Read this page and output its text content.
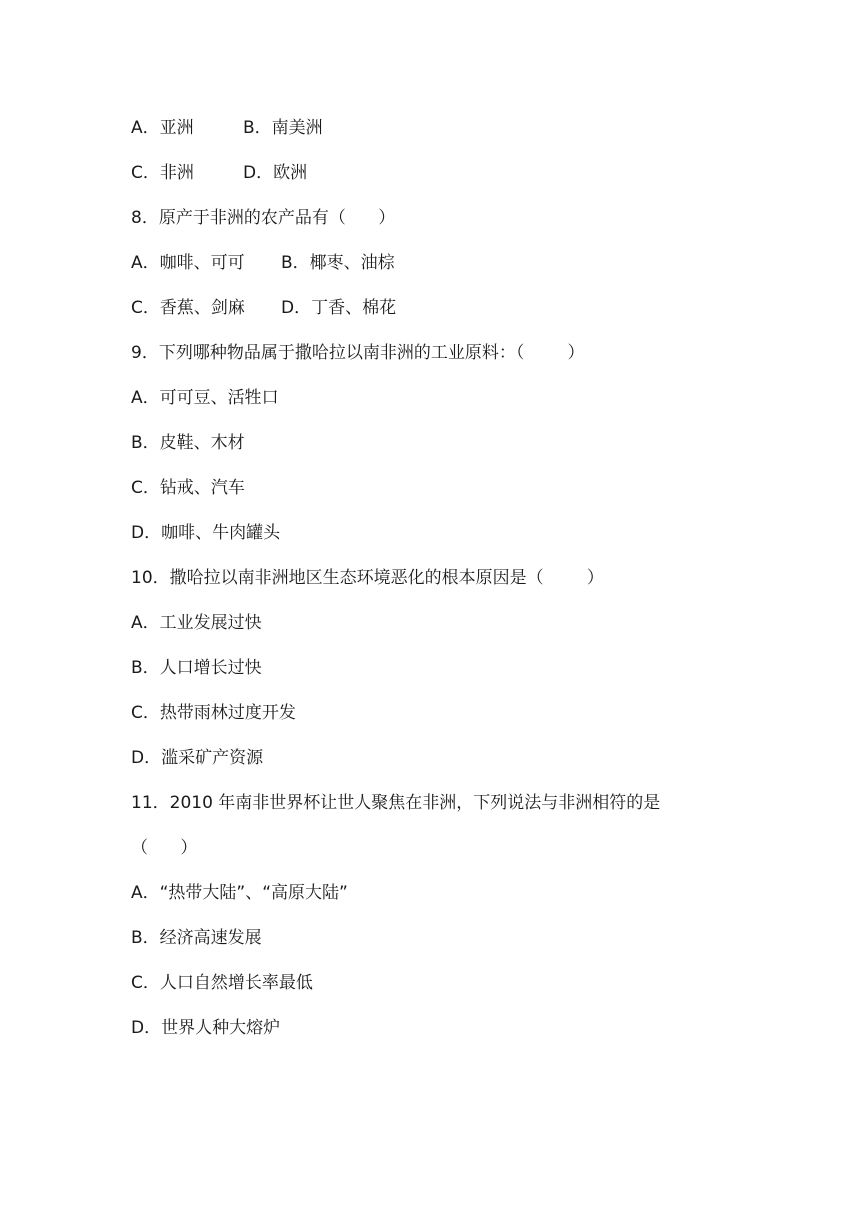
A．亚洲	B．南美洲
C．非洲	D．欧洲
8．原产于非洲的农产品有（      ）
A．咖啡、可可 B．椰枣、油棕
C．香蕉、剑麻 D．丁香、棉花
9．下列哪种物品属于撒哈拉以南非洲的工业原料：（        ）
A．可可豆、活牲口
B．皮鞋、木材
C．钻戒、汽车
D．咖啡、牛肉罐头
10．撒哈拉以南非洲地区生态环境恶化的根本原因是（        ）
A．工业发展过快
B．人口增长过快
C．热带雨林过度开发
D．滥采矿产资源
11．2010 年南非世界杯让世人聚焦在非洲，下列说法与非洲相符的是
（      ）
A．“热带大陆”、“高原大陆”
B．经济高速发展
C．人口自然增长率最低
D．世界人种大熔炉
